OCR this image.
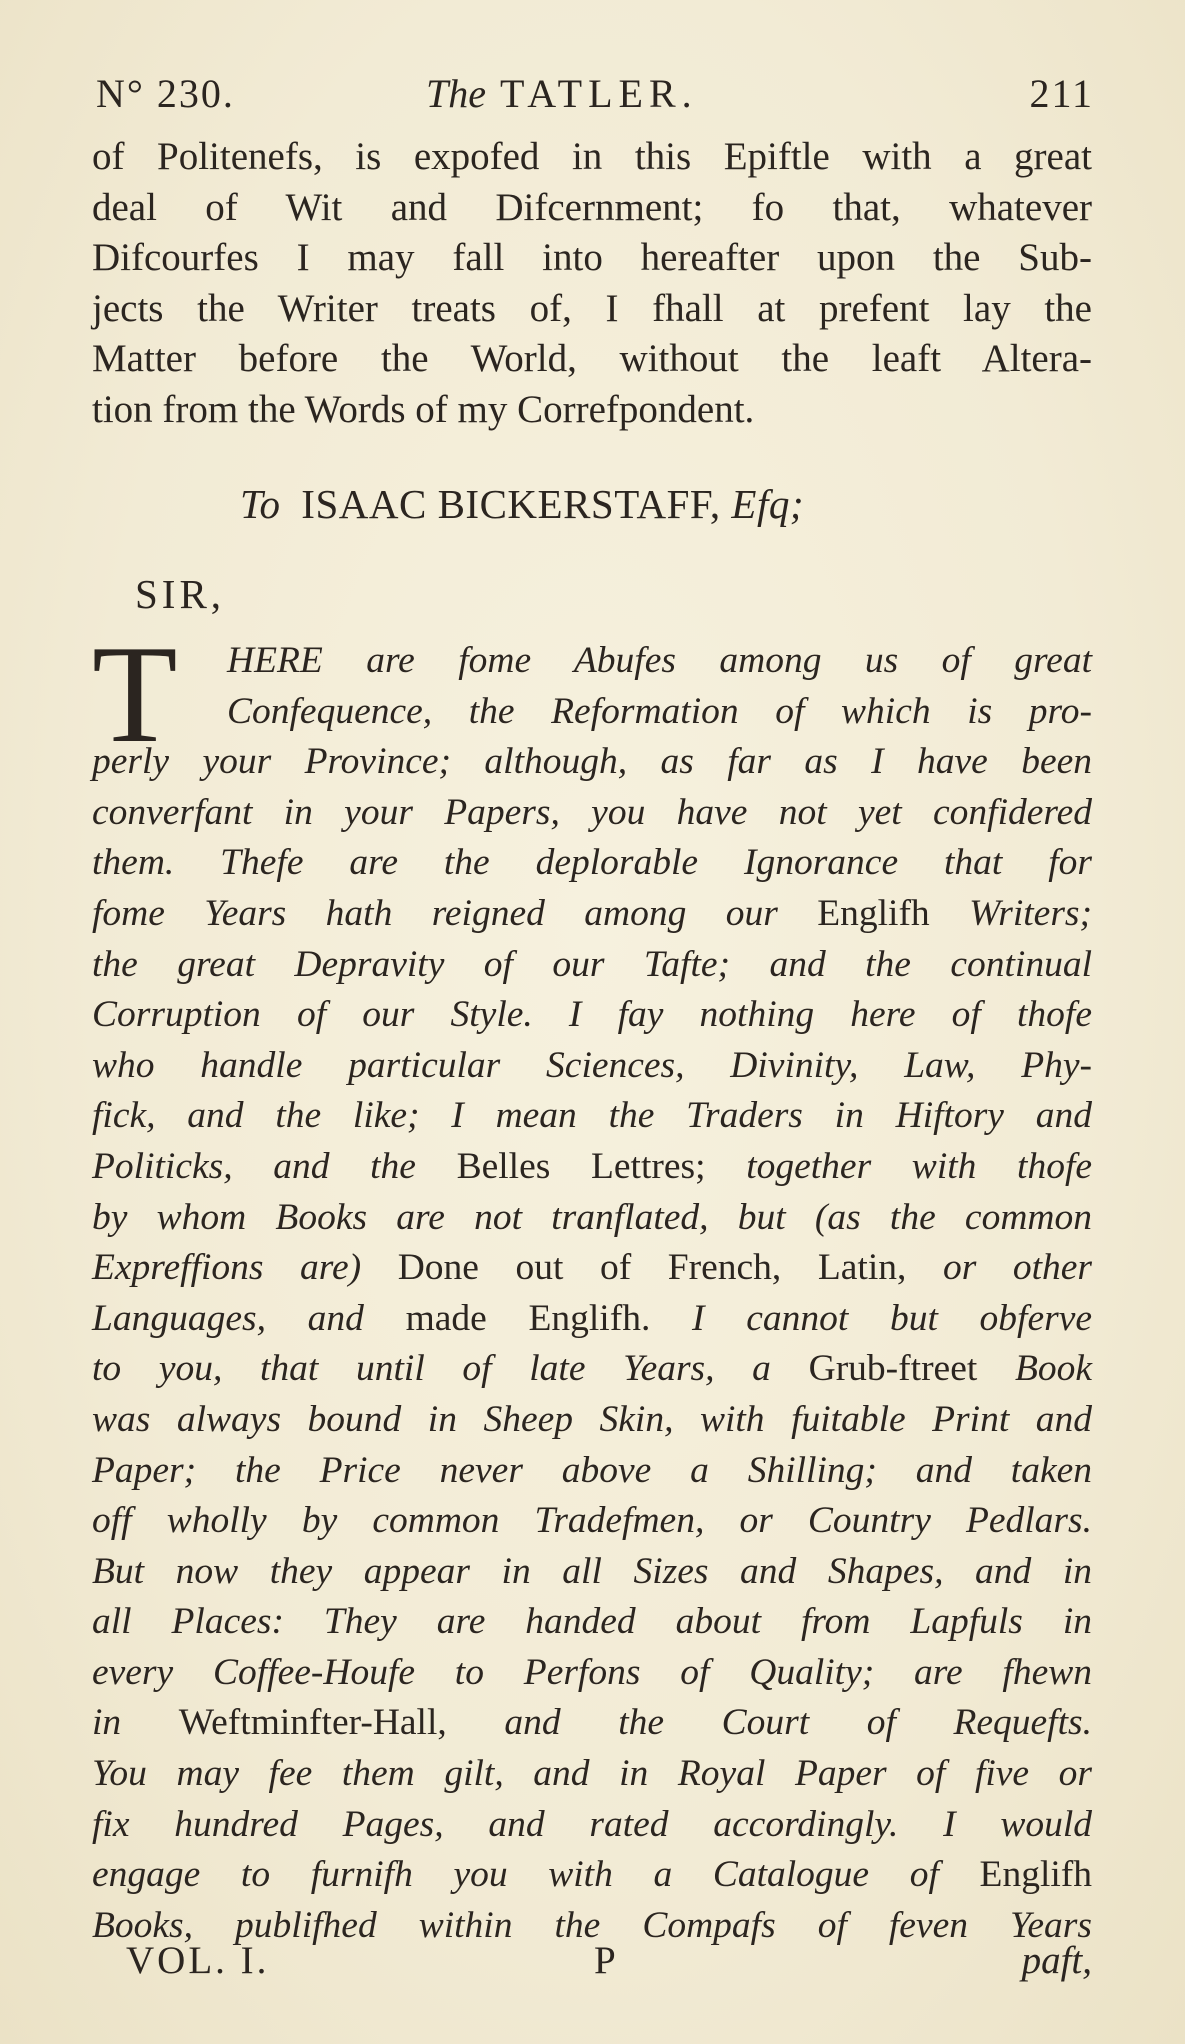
N° 230.	The TATLER.	211
of Politenefs, is expofed in this Epiftle with a great
deal of Wit and Difcernment; fo that, whatever
Difcourfes I may fall into hereafter upon the Sub-
jects the Writer treats of, I fhall at prefent lay the
Matter before the World, without the leaft Altera-
tion from the Words of my Correfpondent.
To ISAAC BICKERSTAFF, Efq;
SIR,
T	HERE are fome Abufes among us of great
Confequence, the Reformation of which is pro-
perly your Province; although, as far as I have been
converfant in your Papers, you have not yet confidered
them. Thefe are the deplorable Ignorance that for
fome Years hath reigned among our Englifh Writers;
the great Depravity of our Tafte; and the continual
Corruption of our Style. I fay nothing here of thofe
who handle particular Sciences, Divinity, Law, Phy-
fick, and the like; I mean the Traders in Hiftory and
Politicks, and the Belles Lettres; together with thofe
by whom Books are not tranflated, but (as the common
Expreffions are) Done out of French, Latin, or other
Languages, and made Englifh. I cannot but obferve
to you, that until of late Years, a Grub-ftreet Book
was always bound in Sheep Skin, with fuitable Print and
Paper; the Price never above a Shilling; and taken
off wholly by common Tradefmen, or Country Pedlars.
But now they appear in all Sizes and Shapes, and in
all Places: They are handed about from Lapfuls in
every Coffee-Houfe to Perfons of Quality; are fhewn
in Weftminfter-Hall, and the Court of Requefts.
You may fee them gilt, and in Royal Paper of five or
fix hundred Pages, and rated accordingly. I would
engage to furnifh you with a Catalogue of Englifh
Books, publifhed within the Compafs of feven Years
VOL. I.	P	paft,
